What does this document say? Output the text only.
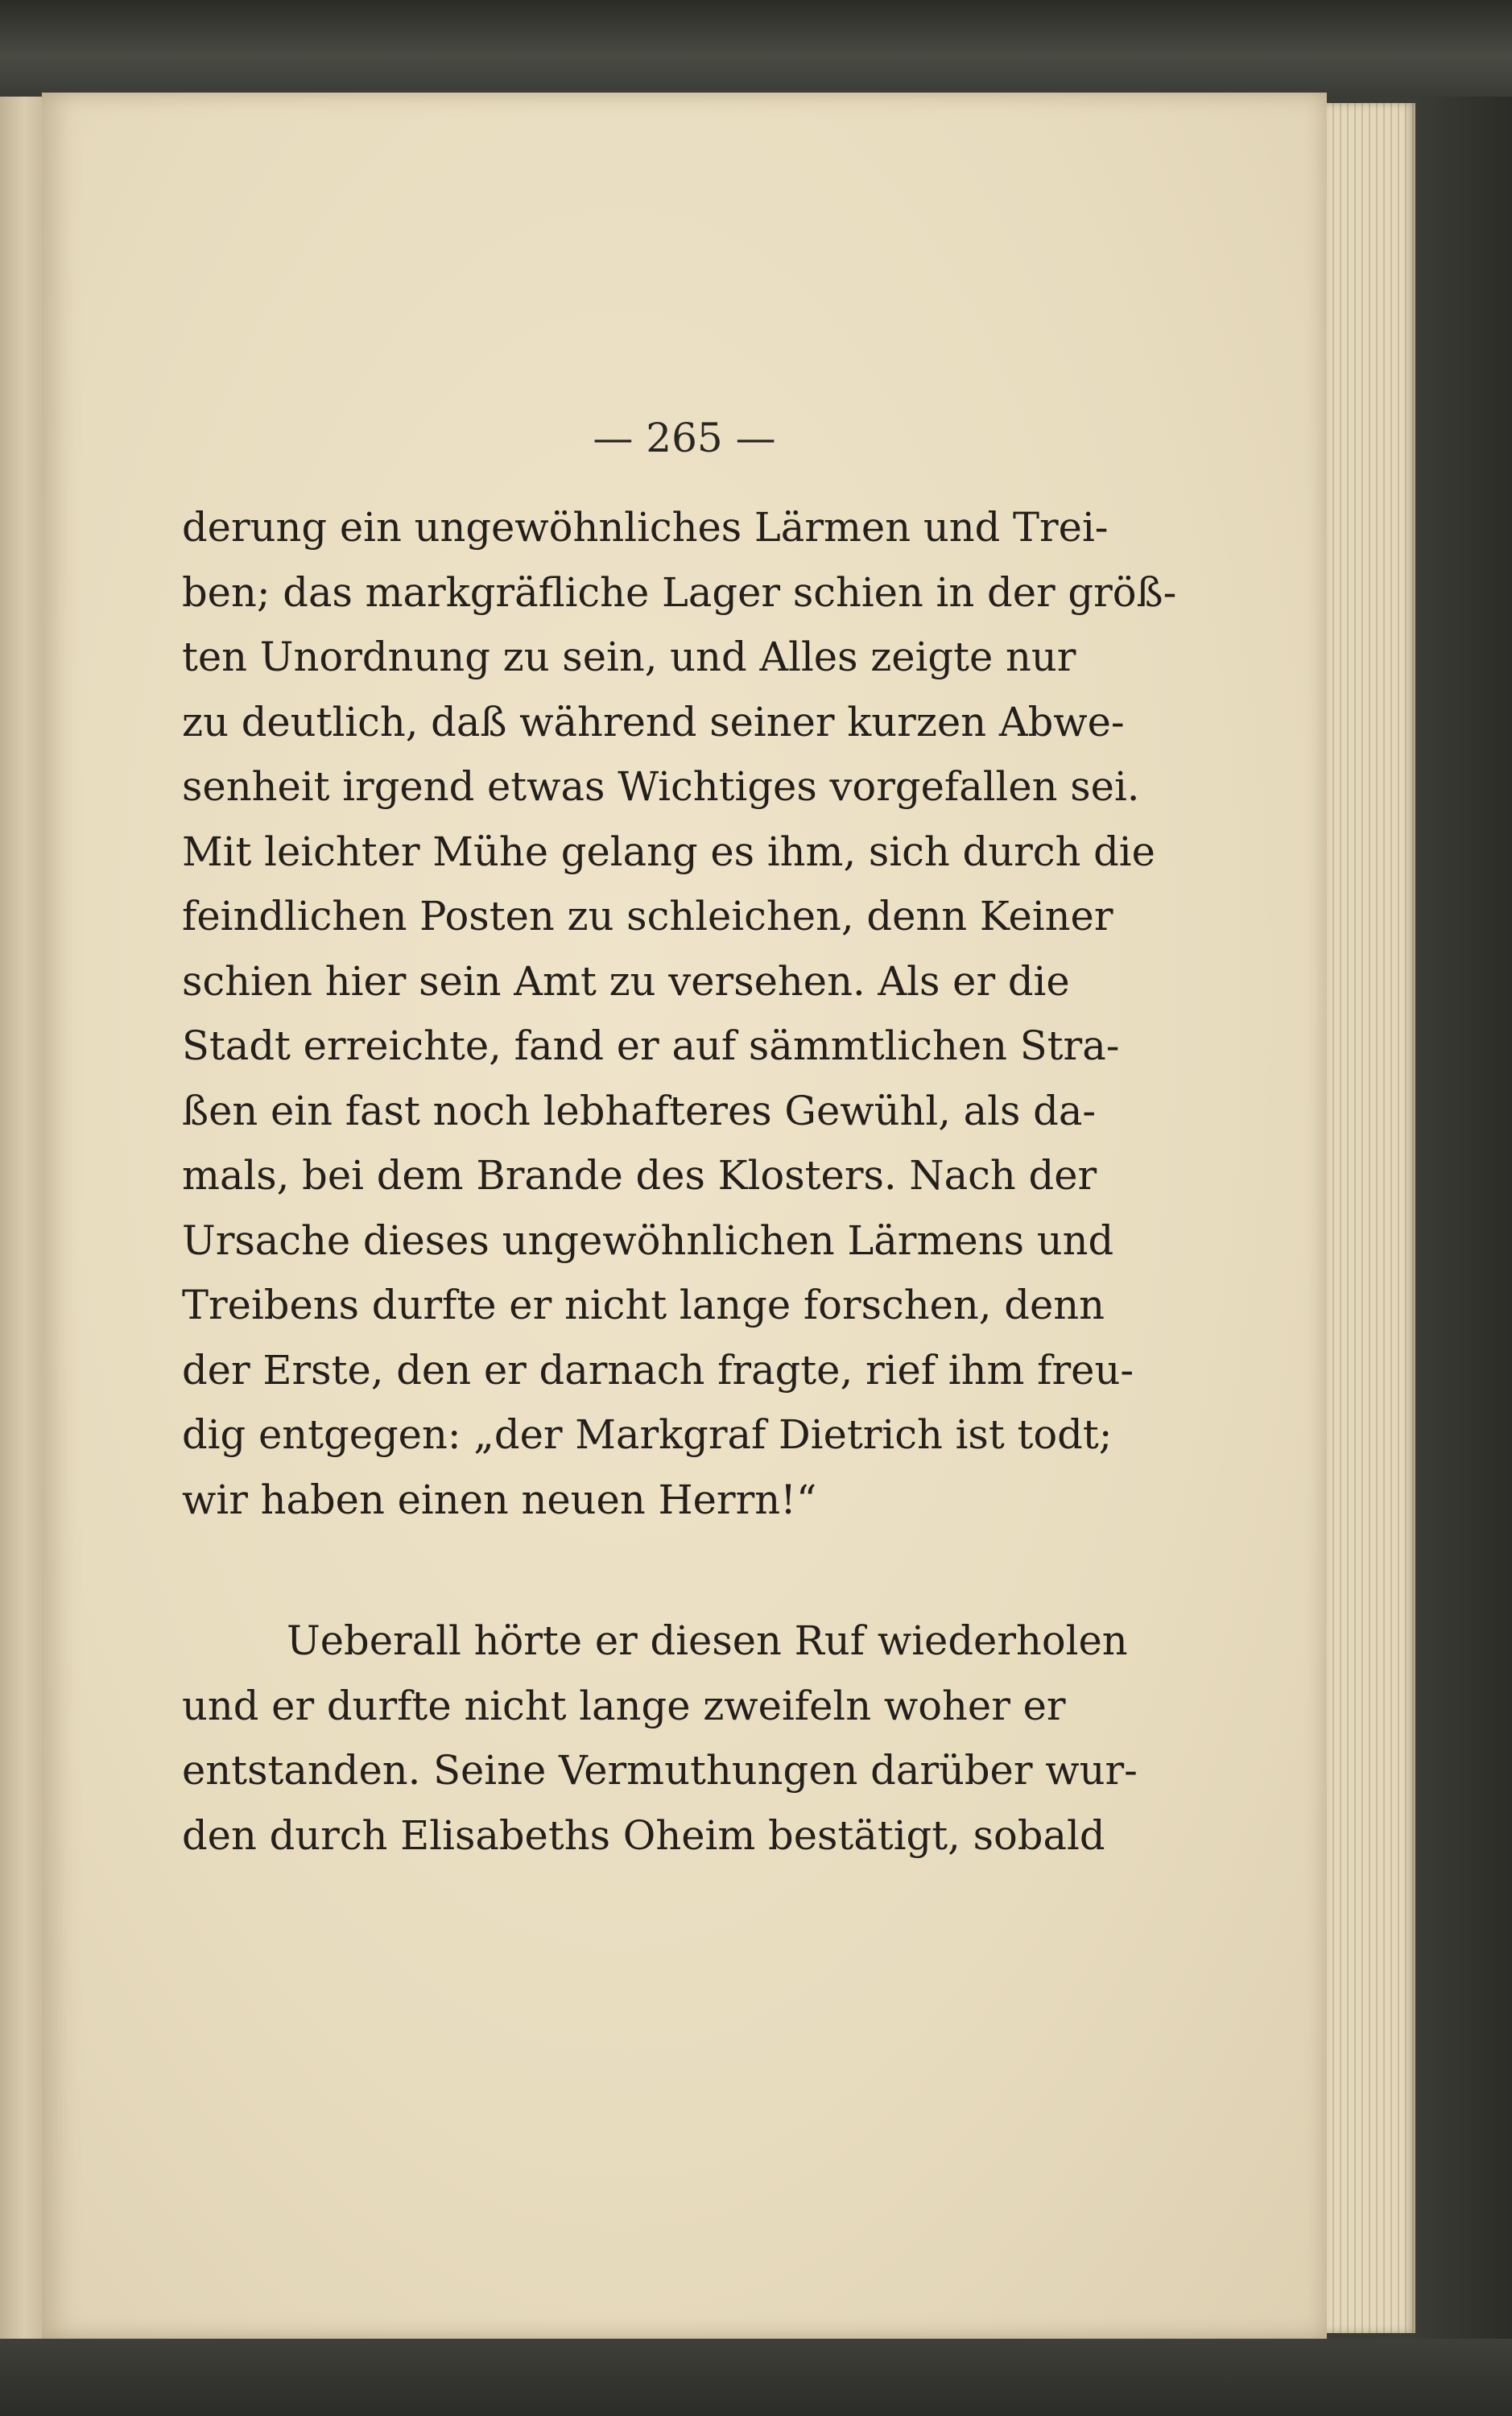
— 265 —
derung ein ungewöhnliches Lärmen und Trei-
ben; das markgräfliche Lager schien in der größ-
ten Unordnung zu sein, und Alles zeigte nur
zu deutlich, daß während seiner kurzen Abwe-
senheit irgend etwas Wichtiges vorgefallen sei.
Mit leichter Mühe gelang es ihm, sich durch die
feindlichen Posten zu schleichen, denn Keiner
schien hier sein Amt zu versehen. Als er die
Stadt erreichte, fand er auf sämmtlichen Stra-
ßen ein fast noch lebhafteres Gewühl, als da-
mals, bei dem Brande des Klosters. Nach der
Ursache dieses ungewöhnlichen Lärmens und
Treibens durfte er nicht lange forschen, denn
der Erste, den er darnach fragte, rief ihm freu-
dig entgegen: „der Markgraf Dietrich ist todt;
wir haben einen neuen Herrn!“
Ueberall hörte er diesen Ruf wiederholen
und er durfte nicht lange zweifeln woher er
entstanden. Seine Vermuthungen darüber wur-
den durch Elisabeths Oheim bestätigt, sobald
